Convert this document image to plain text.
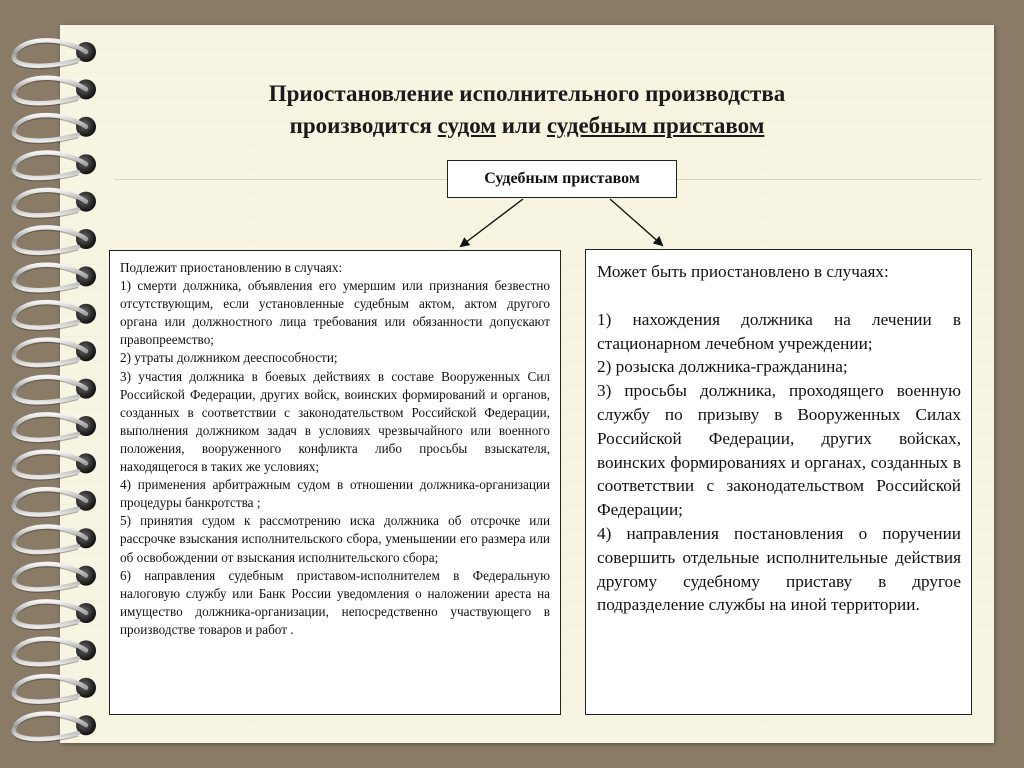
Приостановление исполнительного производства
производится судом или судебным приставом
Судебным приставом

Подлежит приостановлению в случаях:

1) смерти должника, объявления его умершим или признания безвестно отсутствующим, если установленные судебным актом, актом другого органа или должностного лица требования или обязанности допускают правопреемство;

2) утраты должником дееспособности;

3) участия должника в боевых действиях в составе Вооруженных Сил Российской Федерации, других войск, воинских формирований и органов, созданных в соответствии с законодательством Российской Федерации, выполнения должником задач в условиях чрезвычайного или военного положения, вооруженного конфликта либо просьбы взыскателя, находящегося в таких же условиях;

4) применения арбитражным судом в отношении должника-организации процедуры банкротства ;

5) принятия судом к рассмотрению иска должника об отсрочке или рассрочке взыскания исполнительского сбора, уменьшении его размера или об освобождении от взыскания исполнительского сбора;

6) направления судебным приставом-исполнителем в Федеральную налоговую службу или Банк России уведомления о наложении ареста на имущество должника-организации, непосредственно участвующего в производстве товаров и работ .

Может быть приостановлено в случаях:

1) нахождения должника на лечении в стационарном лечебном учреждении;

2) розыска должника-гражданина;

3) просьбы должника, проходящего военную службу по призыву в Вооруженных Силах Российской Федерации, других войсках, воинских формированиях и органах, созданных в соответствии с законодательством Российской Федерации;

4) направления постановления о поручении совершить отдельные исполнительные действия другому судебному приставу в другое подразделение службы на иной территории.
